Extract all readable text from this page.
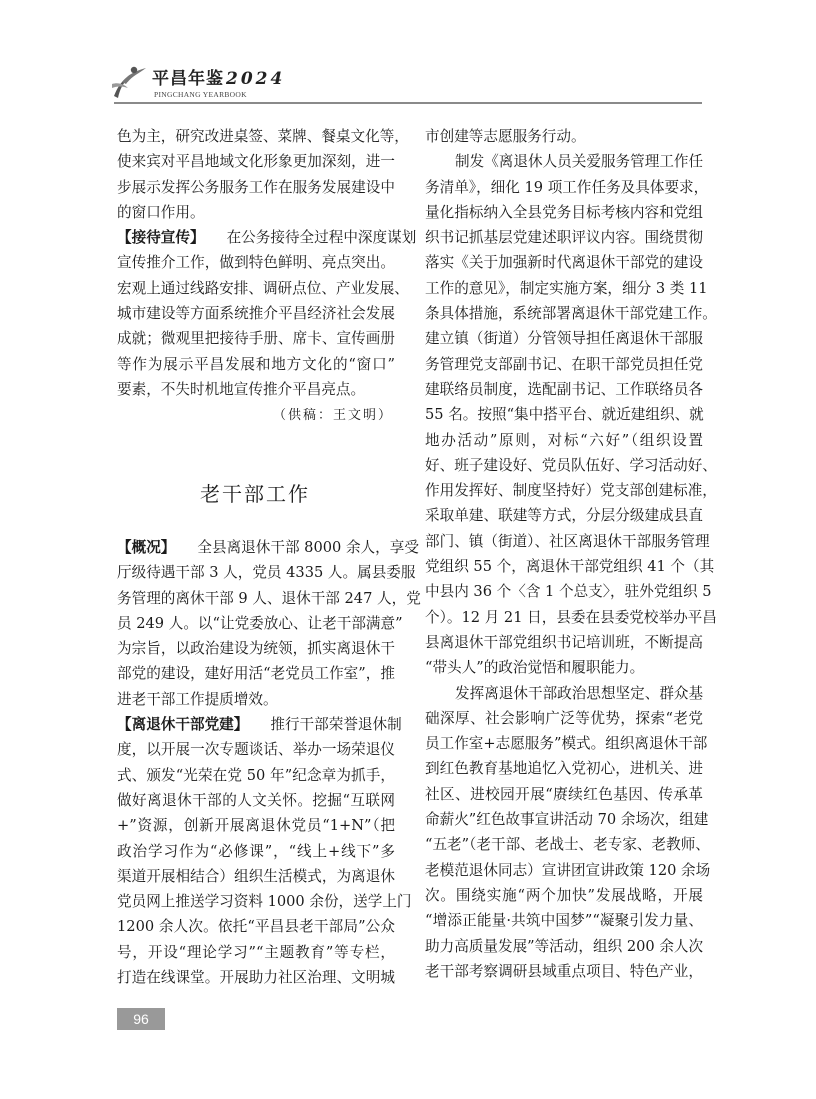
平昌年鉴 2024
PINGCHANG YEARBOOK
色为主，研究改进桌签、菜牌、餐桌文化等，
使来宾对平昌地域文化形象更加深刻，进一
步展示发挥公务服务工作在服务发展建设中
的窗口作用。
【接待宣传】 在公务接待全过程中深度谋划
宣传推介工作，做到特色鲜明、亮点突出。
宏观上通过线路安排、调研点位、产业发展、
城市建设等方面系统推介平昌经济社会发展
成就；微观里把接待手册、席卡、宣传画册
等作为展示平昌发展和地方文化的“窗口”
要素，不失时机地宣传推介平昌亮点。
（供稿：王文明）
老干部工作
【概况】 全县离退休干部 8000 余人，享受
厅级待遇干部 3 人，党员 4335 人。属县委服
务管理的离休干部 9 人、退休干部 247 人，党
员 249 人。以“让党委放心、让老干部满意”
为宗旨，以政治建设为统领，抓实离退休干
部党的建设，建好用活“老党员工作室”，推
进老干部工作提质增效。
【离退休干部党建】 推行干部荣誉退休制
度，以开展一次专题谈话、举办一场荣退仪
式、颁发“光荣在党 50 年”纪念章为抓手，
做好离退休干部的人文关怀。挖掘“互联网
+”资源，创新开展离退休党员“1+N”（把
政治学习作为“必修课”，“线上+线下”多
渠道开展相结合）组织生活模式，为离退休
党员网上推送学习资料 1000 余份，送学上门
1200 余人次。依托“平昌县老干部局”公众
号，开设“理论学习”“主题教育”等专栏，
打造在线课堂。开展助力社区治理、文明城
市创建等志愿服务行动。
制发《离退休人员关爱服务管理工作任
务清单》，细化 19 项工作任务及具体要求，
量化指标纳入全县党务目标考核内容和党组
织书记抓基层党建述职评议内容。围绕贯彻
落实《关于加强新时代离退休干部党的建设
工作的意见》，制定实施方案，细分 3 类 11
条具体措施，系统部署离退休干部党建工作。
建立镇（街道）分管领导担任离退休干部服
务管理党支部副书记、在职干部党员担任党
建联络员制度，选配副书记、工作联络员各
55 名。按照“集中搭平台、就近建组织、就
地办活动”原则，对标“六好”（组织设置
好、班子建设好、党员队伍好、学习活动好、
作用发挥好、制度坚持好）党支部创建标准，
采取单建、联建等方式，分层分级建成县直
部门、镇（街道）、社区离退休干部服务管理
党组织 55 个，离退休干部党组织 41 个（其
中县内 36 个〈含 1 个总支〉，驻外党组织 5
个）。12 月 21 日，县委在县委党校举办平昌
县离退休干部党组织书记培训班，不断提高
“带头人”的政治觉悟和履职能力。
发挥离退休干部政治思想坚定、群众基
础深厚、社会影响广泛等优势，探索“老党
员工作室+志愿服务”模式。组织离退休干部
到红色教育基地追忆入党初心，进机关、进
社区、进校园开展“赓续红色基因、传承革
命薪火”红色故事宣讲活动 70 余场次，组建
“五老”（老干部、老战士、老专家、老教师、
老模范退休同志）宣讲团宣讲政策 120 余场
次。围绕实施“两个加快”发展战略，开展
“增添正能量·共筑中国梦”“凝聚引发力量、
助力高质量发展”等活动，组织 200 余人次
老干部考察调研县域重点项目、特色产业，
96
